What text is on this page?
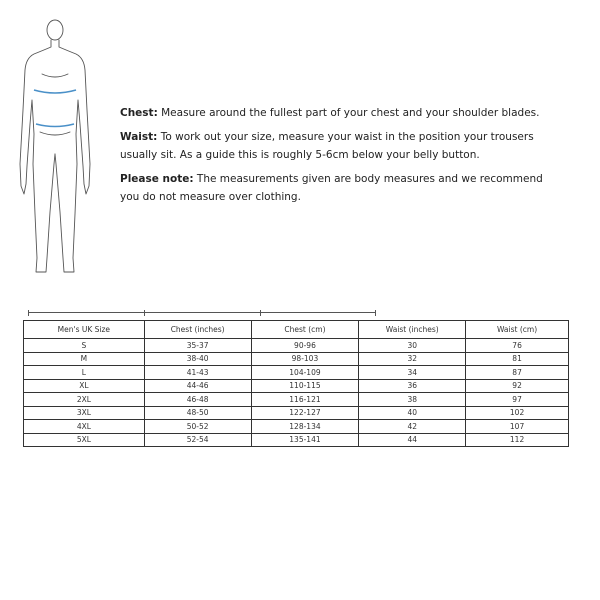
Chest: Measure around the fullest part of your chest and your shoulder blades.

Waist: To work out your size, measure your waist in the position your trousers usually sit. As a guide this is roughly 5-6cm below your belly button.

Please note: The measurements given are body measures and we recommend you do not measure over clothing.

Men's UK Size	Chest (inches)	Chest (cm)	Waist (inches)	Waist (cm)
S	35-37	90-96	30	76
M	38-40	98-103	32	81
L	41-43	104-109	34	87
XL	44-46	110-115	36	92
2XL	46-48	116-121	38	97
3XL	48-50	122-127	40	102
4XL	50-52	128-134	42	107
5XL	52-54	135-141	44	112
